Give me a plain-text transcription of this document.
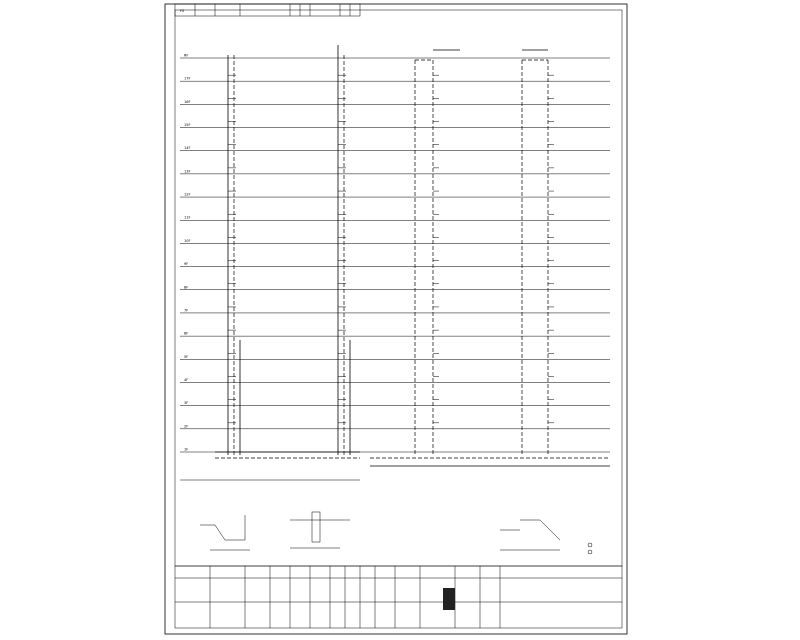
FS
RF
17F
16F
15F
14F
13F
12F
11F
10F
9F
8F
7F
6F
5F
4F
3F
2F
1F
